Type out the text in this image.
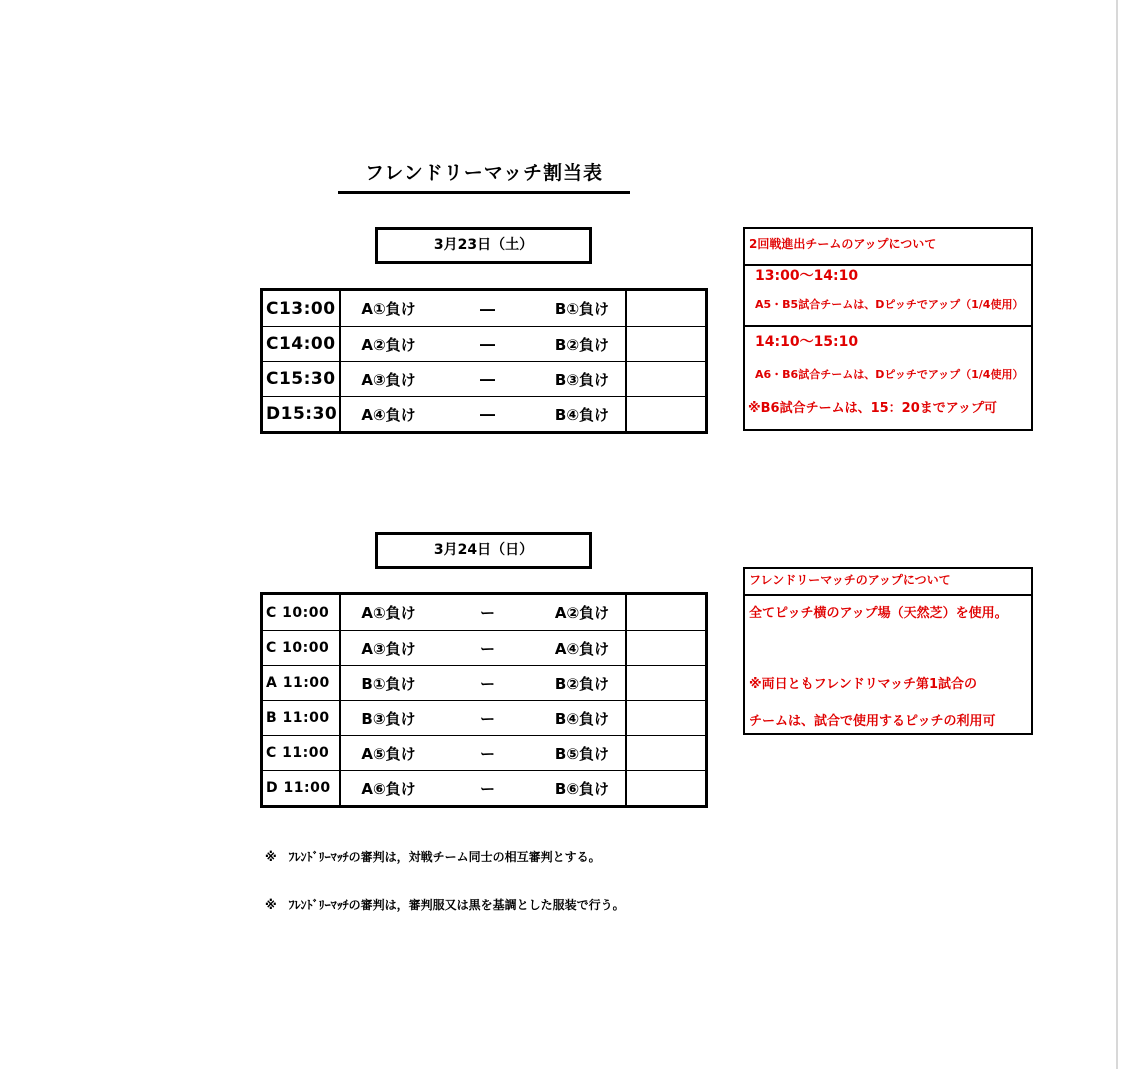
フレンドリーマッチ割当表
3月23日（土）
C13:00	A①負け	―	B①負け
C14:00	A②負け	―	B②負け
C15:30	A③負け	―	B③負け
D15:30	A④負け	―	B④負け
2回戦進出チームのアップについて
13:00～14:10
A5・B5試合チームは、Dピッチでアップ（1/4使用）
14:10～15:10
A6・B6試合チームは、Dピッチでアップ（1/4使用）
※B6試合チームは、15：20までアップ可
3月24日（日）
C 10:00	A①負け	ー	A②負け
C 10:00	A③負け	ー	A④負け
A 11:00	B①負け	ー	B②負け
B 11:00	B③負け	ー	B④負け
C 11:00	A⑤負け	ー	B⑤負け
D 11:00	A⑥負け	ー	B⑥負け
フレンドリーマッチのアップについて
全てピッチ横のアップ場（天然芝）を使用。
※両日ともフレンドリマッチ第1試合の
チームは、試合で使用するピッチの利用可
※　ﾌﾚﾝﾄﾞﾘｰﾏｯﾁの審判は，対戦チーム同士の相互審判とする。
※　ﾌﾚﾝﾄﾞﾘｰﾏｯﾁの審判は，審判服又は黒を基調とした服装で行う。
